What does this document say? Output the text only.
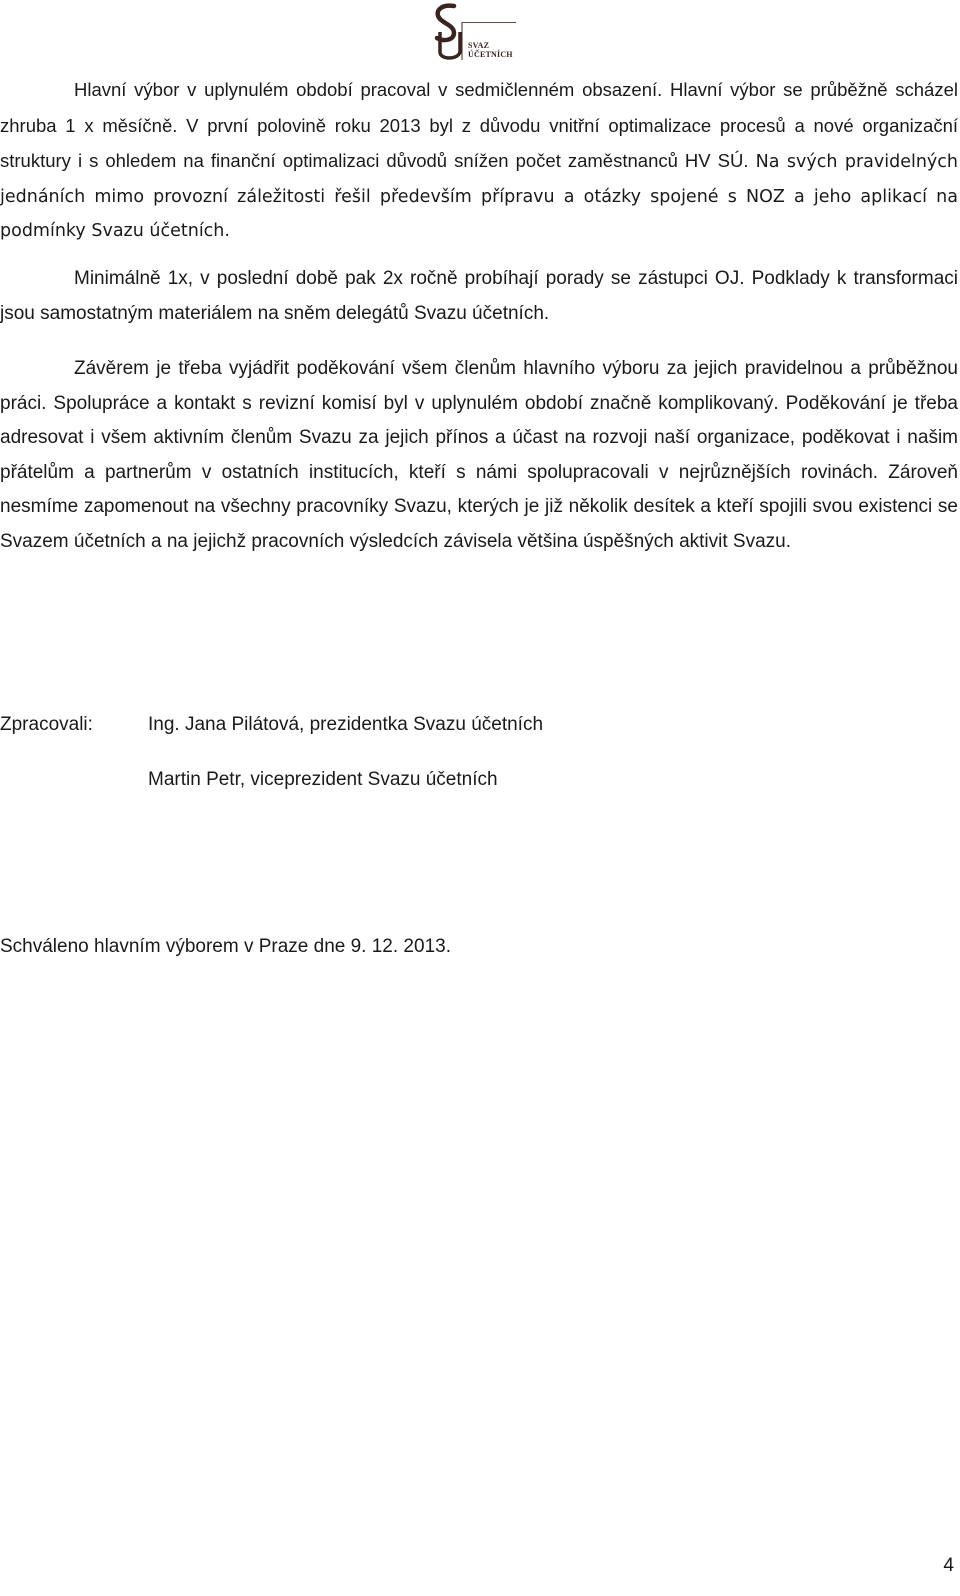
SVAZ
ÚČETNÍCH

Hlavní výbor v uplynulém období pracoval v sedmičlenném obsazení. Hlavní výbor se průběžně scházel zhruba 1 x měsíčně. V první polovině roku 2013 byl z důvodu vnitřní optimalizace procesů a nové organizační struktury i s ohledem na finanční optimalizaci důvodů snížen počet zaměstnanců HV SÚ. Na svých pravidelných jednáních mimo provozní záležitosti řešil především přípravu a otázky spojené s NOZ a jeho aplikací na podmínky Svazu účetních.

Minimálně 1x, v poslední době pak 2x ročně probíhají porady se zástupci OJ. Podklady k transformaci jsou samostatným materiálem na sněm delegátů Svazu účetních.

Závěrem je třeba vyjádřit poděkování všem členům hlavního výboru za jejich pravidelnou a průběžnou práci. Spolupráce a kontakt s revizní komisí byl v uplynulém období značně komplikovaný. Poděkování je třeba adresovat i všem aktivním členům Svazu za jejich přínos a účast na rozvoji naší organizace, poděkovat i našim přátelům a partnerům v ostatních institucích, kteří s námi spolupracovali v nejrůznějších rovinách. Zároveň nesmíme zapomenout na všechny pracovníky Svazu, kterých je již několik desítek a kteří spojili svou existenci se Svazem účetních a na jejichž pracovních výsledcích závisela většina úspěšných aktivit Svazu.

Zpracovali:	Ing. Jana Pilátová, prezidentka Svazu účetních
Martin Petr, viceprezident Svazu účetních
Schváleno hlavním výborem v Praze dne 9. 12. 2013.
4
